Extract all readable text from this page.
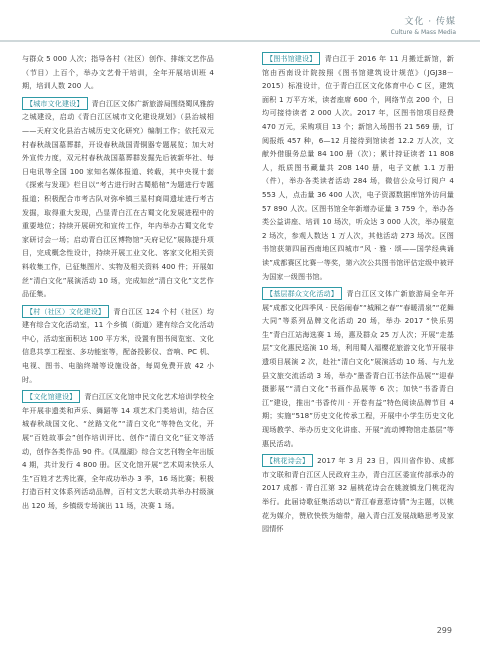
文化 · 传媒
Culture & Mass Media

与群众 5 000 人次；指导各村（社区）创作、排练文艺作品（节目）上百个，举办文艺骨干培训，全年开展培训班 4 期，培训人数 200 人。

【城市文化建设】 青白江区文体广新旅游局围绕蜀风雅韵之城建设，启动《青白江区城市文化建设规划》（县治城相——天府文化县治古城历史文化研究）编制工作；依托双元村春秋战国墓葬群，开设春秋战国青铜器专题展览；加大对外宣传力度，双元村春秋战国墓葬群发掘先后被新华社、每日电讯等全国 100 家知名媒体报道、转载，其中央视十套《探索与发现》栏目以“考古进行时古蜀船棺”为题进行专题报道；积极配合市考古队对弥牟镇三星村商周遗址进行考古发掘，取得重大发现，凸显青白江在古蜀文化发展进程中的重要地位；持续开展研究和宣传工作，年内举办古蜀文化专家研讨会一场；启动青白江区博物馆“天府记忆”展陈提升项目，完成概念性设计，持续开展工业文化、客家文化相关资料收集工作，已征集图片、实物及相关资料 400 件；开展如丝“清白文化”展演活动 10 场，完成如丝“清白文化”文艺作品征集。

【村（社区）文化建设】 青白江区 124 个村（社区）均建有综合文化活动室，11 个乡镇（街道）建有综合文化活动中心，活动室面积达 100 平方米，设置有图书阅览室、文化信息共享工程室、多功能室等，配备投影仪、音响、PC 机、电视、图书、电脑终端等设施设备，每周免费开放 42 小时。

【文化馆建设】 青白江区文化馆申民文化艺术培训学校全年开展非遗类和声乐、舞蹈等 14 项艺术门类培训，结合区城春秋战国文化、“丝路文化”“清白文化”等特色文化，开展“百姓故事会”创作培训评比、创作“清白文化”征文等活动，创作各类作品 90 件。《凤凰湖》综合文艺刊物全年出版 4 期，共计发行 4 800 册。区文化馆开展“艺术周末快乐人生”百姓才艺秀比赛，全年成功举办 3 季，16 场比赛；积极打造百村文体系列活动品牌，百村文艺大联动共举办村级演出 120 场，乡镇级专场演出 11 场，决赛 1 场。

【图书馆建设】 青白江于 2016 年 11 月搬迁新馆，新馆由西南设计院按照《图书馆建筑设计规范》（JGJ38－2015）标准设计，位于青白江区文化体育中心 C 区，建筑面积 1 万平方米，读者座席 600 个，网络节点 200 个，日均可接待读者 2 000 人次。2017 年，区图书馆项目经费 470 万元，采购项目 13 个；新馆入场图书 21 569 册，订阅报纸 457 种，6—12 月接待到馆读者 12.2 万人次，文献外借服务总量 84 100 册（次）；累计持证读者 11 808 人，纸质图书藏量共 208 140 册，电子文献 1.1 万册（件），举办各类读者活动 284 场，微信公众号订阅户 4 553 人，点击量 36 400 人次，电子资源数据库馆外访问量 57 890 人次。区图书馆全年新增办证量 3 759 个，举办各类公益讲座、培训 10 场次，听众达 3 000 人次，举办展览 2 场次，参观人数达 1 万人次，其他活动 273 场次。区图书馆获第四届西南地区四城市“风 · 雅 · 颂——国学经典诵读”成都赛区比赛一等奖，第六次公共图书馆评估定级中被评为国家一级图书馆。

【基层群众文化活动】 青白江区文体广新旅游局全年开展“成都文化四季风 · 民俗闹春”“城厢之春”“春暖清泉”“花舞大同”等系列品牌文化活动 20 场，举办 2017 “快乐男生”青白江站海选赛 1 场，惠及群众 25 万人次；开展“走基层”文化惠民巡演 10 场，利用蜀人福樱花旅游文化节开展非遗项目展演 2 次，赴社“清白文化”展演活动 10 场、与九龙县文旅交流活动 3 场，举办“墨香青白江书法作品展”“迎春摄影展”“清白文化”书画作品展等 6 次；加快“书香青白江”建设，推出“书香传川 · 开卷有益”特色阅读品牌节目 4 期；实施“518”历史文化传承工程，开展中小学生历史文化现场教学、举办历史文化讲座、开展“流动博物馆走基层”等惠民活动。

【桃花诗会】 2017 年 3 月 23 日，四川省作协、成都市文联和青白江区人民政府主办，青白江区委宣传部承办的 2017 成都 · 青白江第 32 届桃花诗会在姚渡镇龙门桃花沟举行。此届诗歌征集活动以“青江春意惹诗情”为主题，以桃花为媒介，赞欣快铁为缩带，融入青白江发展战略思考及家园情怀

299
